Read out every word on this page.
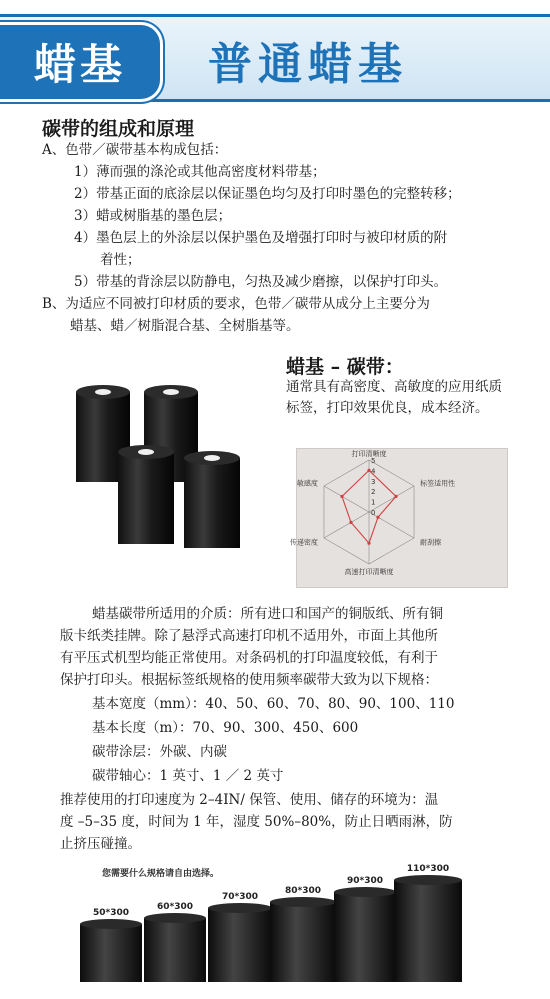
蜡基	普通蜡基
碳带的组成和原理
A、色带／碳带基本构成包括：
1）薄而强的涤沦或其他高密度材料带基；
2）带基正面的底涂层以保证墨色均匀及打印时墨色的完整转移；
3）蜡或树脂基的墨色层；
4）墨色层上的外涂层以保护墨色及增强打印时与被印材质的附
着性；
5）带基的背涂层以防静电，匀热及减少磨擦，以保护打印头。
B、为适应不同被打印材质的要求，色带／碳带从成分上主要分为
蜡基、蜡／树脂混合基、全树脂基等。
蜡基 – 碳带：
通常具有高密度、高敏度的应用纸质标签，打印效果优良，成本经济。
0
1
2
3
4
5
打印清晰度
标签适用性
耐刮擦
高速打印清晰度
传递密度
敏感度
蜡基碳带所适用的介质：所有进口和国产的铜版纸、所有铜
版卡纸类挂牌。除了悬浮式高速打印机不适用外，市面上其他所
有平压式机型均能正常使用。对条码机的打印温度较低，有利于
保护打印头。根据标签纸规格的使用频率碳带大致为以下规格：
基本宽度（mm）：40、50、60、70、80、90、100、110
基本长度（m）：70、90、300、450、600
碳带涂层：外碳、内碳
碳带轴心：1 英寸、1 ／ 2 英寸
推荐使用的打印速度为 2–4IN/ 保管、使用、储存的环境为：温
度 –5–35 度，时间为 1 年，湿度 50%–80%，防止日晒雨淋，防
止挤压碰撞。
50*300
60*300
70*300
80*300
90*300
110*300
您需要什么规格请自由选择。
